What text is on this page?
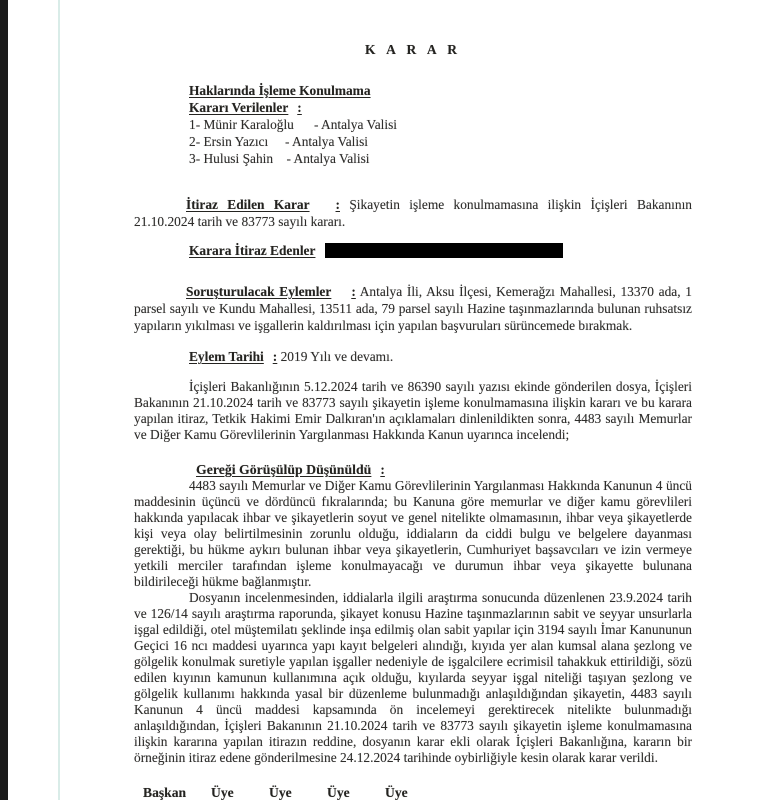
K A R A R
Haklarında İşleme Konulmama
Kararı Verilenler :
1- Münir Karaloğlu      - Antalya Valisi
2- Ersin Yazıcı     - Antalya Valisi
3- Hulusi Şahin    - Antalya Valisi

İtiraz Edilen Karar : Şikayetin işleme konulmamasına ilişkin İçişleri Bakanının 21.10.2024 tarih ve 83773 sayılı kararı.

Karara İtiraz Edenler

Soruşturulacak Eylemler : Antalya İli, Aksu İlçesi, Kemerağzı Mahallesi, 13370 ada, 1 parsel sayılı ve Kundu Mahallesi, 13511 ada, 79 parsel sayılı Hazine taşınmazlarında bulunan ruhsatsız yapıların yıkılması ve işgallerin kaldırılması için yapılan başvuruları sürüncemede bırakmak.

Eylem Tarihi : 2019 Yılı ve devamı.

İçişleri Bakanlığının 5.12.2024 tarih ve 86390 sayılı yazısı ekinde gönderilen dosya, İçişleri Bakanının 21.10.2024 tarih ve 83773 sayılı şikayetin işleme konulmamasına ilişkin kararı ve bu karara yapılan itiraz, Tetkik Hakimi Emir Dalkıran'ın açıklamaları dinlenildikten sonra, 4483 sayılı Memurlar ve Diğer Kamu Görevlilerinin Yargılanması Hakkında Kanun uyarınca incelendi;

Gereği Görüşülüp Düşünüldü :

4483 sayılı Memurlar ve Diğer Kamu Görevlilerinin Yargılanması Hakkında Kanunun 4 üncü maddesinin üçüncü ve dördüncü fıkralarında; bu Kanuna göre memurlar ve diğer kamu görevlileri hakkında yapılacak ihbar ve şikayetlerin soyut ve genel nitelikte olmamasının, ihbar veya şikayetlerde kişi veya olay belirtilmesinin zorunlu olduğu, iddiaların da ciddi bulgu ve belgelere dayanması gerektiği, bu hükme aykırı bulunan ihbar veya şikayetlerin, Cumhuriyet başsavcıları ve izin vermeye yetkili merciler tarafından işleme konulmayacağı ve durumun ihbar veya şikayette bulunana bildirileceği hükme bağlanmıştır.

Dosyanın incelenmesinden, iddialarla ilgili araştırma sonucunda düzenlenen 23.9.2024 tarih ve 126/14 sayılı araştırma raporunda, şikayet konusu Hazine taşınmazlarının sabit ve seyyar unsurlarla işgal edildiği, otel müştemilatı şeklinde inşa edilmiş olan sabit yapılar için 3194 sayılı İmar Kanununun Geçici 16 ncı maddesi uyarınca yapı kayıt belgeleri alındığı, kıyıda yer alan kumsal alana şezlong ve gölgelik konulmak suretiyle yapılan işgaller nedeniyle de işgalcilere ecrimisil tahakkuk ettirildiği, sözü edilen kıyının kamunun kullanımına açık olduğu, kıyılarda seyyar işgal niteliği taşıyan şezlong ve gölgelik kullanımı hakkında yasal bir düzenleme bulunmadığı anlaşıldığından şikayetin, 4483 sayılı Kanunun 4 üncü maddesi kapsamında ön incelemeyi gerektirecek nitelikte bulunmadığı anlaşıldığından, İçişleri Bakanının 21.10.2024 tarih ve 83773 sayılı şikayetin işleme konulmamasına ilişkin kararına yapılan itirazın reddine, dosyanın karar ekli olarak İçişleri Bakanlığına, kararın bir örneğinin itiraz edene gönderilmesine 24.12.2024 tarihinde oybirliğiyle kesin olarak karar verildi.

Başkan Üye	Üye	Üye	Üye
